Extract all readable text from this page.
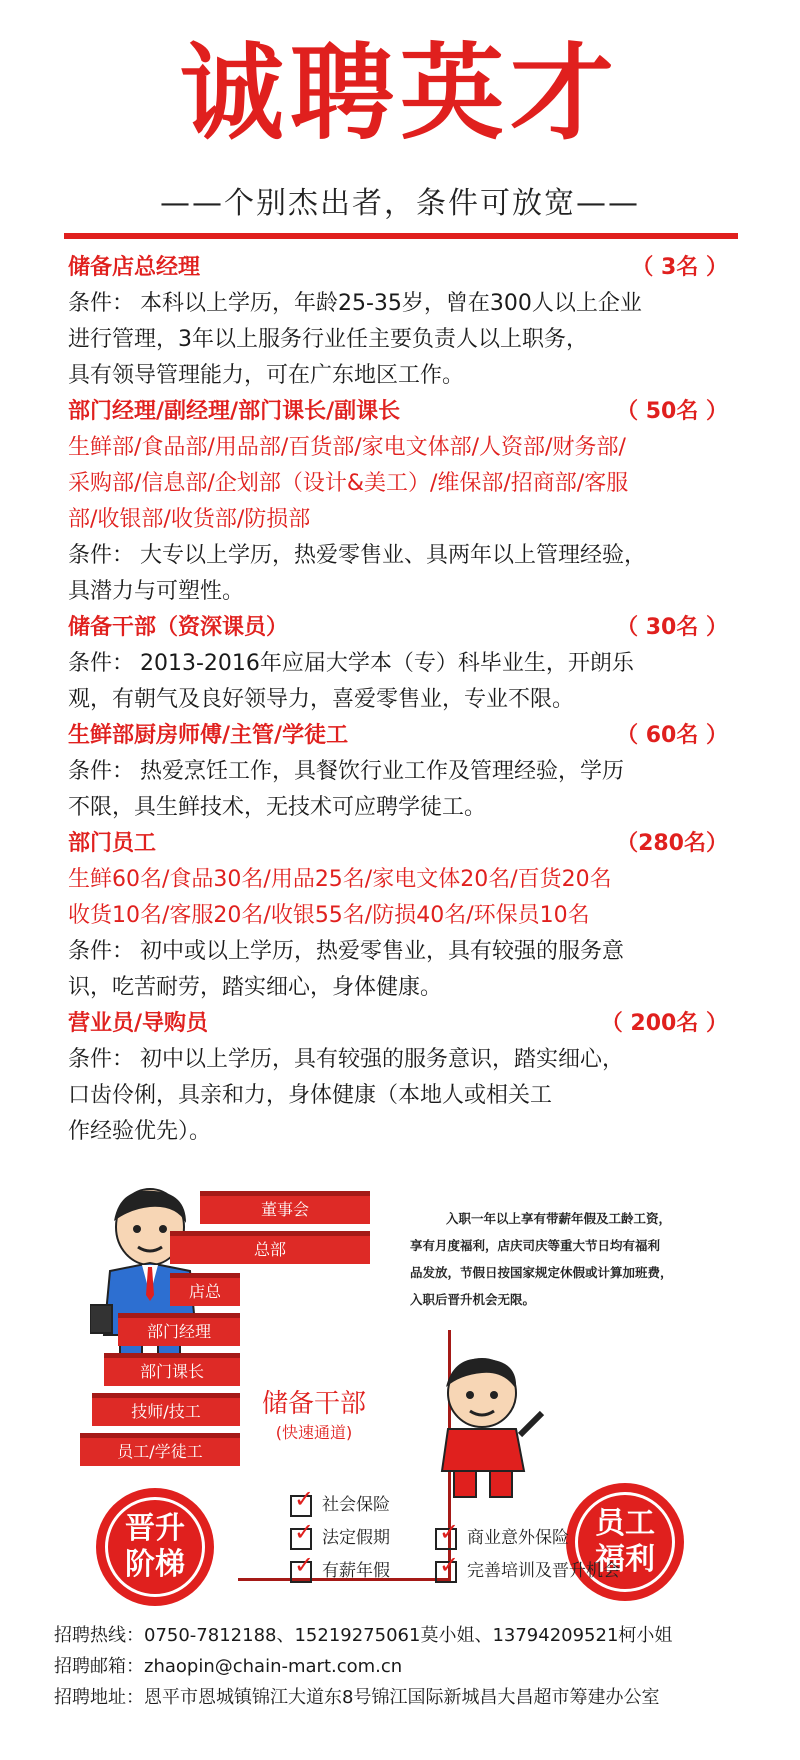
诚聘英才
——个别杰出者，条件可放宽——
储备店总经理	（ 3名 ）
条件： 本科以上学历，年龄25-35岁，曾在300人以上企业
进行管理，3年以上服务行业任主要负责人以上职务，
具有领导管理能力，可在广东地区工作。
部门经理/副经理/部门课长/副课长	（ 50名 ）
生鲜部/食品部/用品部/百货部/家电文体部/人资部/财务部/
采购部/信息部/企划部（设计&美工）/维保部/招商部/客服
部/收银部/收货部/防损部
条件： 大专以上学历，热爱零售业、具两年以上管理经验，
具潜力与可塑性。
储备干部（资深课员）	（ 30名 ）
条件： 2013-2016年应届大学本（专）科毕业生，开朗乐
观，有朝气及良好领导力，喜爱零售业，专业不限。
生鲜部厨房师傅/主管/学徒工	（ 60名 ）
条件： 热爱烹饪工作，具餐饮行业工作及管理经验，学历
不限，具生鲜技术，无技术可应聘学徒工。
部门员工	（280名）
生鲜60名/食品30名/用品25名/家电文体20名/百货20名
收货10名/客服20名/收银55名/防损40名/环保员10名
条件： 初中或以上学历，热爱零售业，具有较强的服务意
识，吃苦耐劳，踏实细心，身体健康。
营业员/导购员	（ 200名 ）
条件： 初中以上学历，具有较强的服务意识，踏实细心，
口齿伶俐，具亲和力，身体健康（本地人或相关工
作经验优先）。
董事会
总部
店总
部门经理
部门课长
技师/技工
员工/学徒工
储备干部
(快速通道)
入职一年以上享有带薪年假及工龄工资，
享有月度福利，店庆司庆等重大节日均有福利
品发放，节假日按国家规定休假或计算加班费，
入职后晋升机会无限。
员工
福利
晋升
阶梯
✓ 社会保险
✓ 法定假期 ✓ 商业意外保险
✓ 有薪年假 ✓ 完善培训及晋升机会
招聘热线：0750-7812188、15219275061莫小姐、13794209521柯小姐
招聘邮箱：zhaopin@chain-mart.com.cn
招聘地址：恩平市恩城镇锦江大道东8号锦江国际新城昌大昌超市筹建办公室
